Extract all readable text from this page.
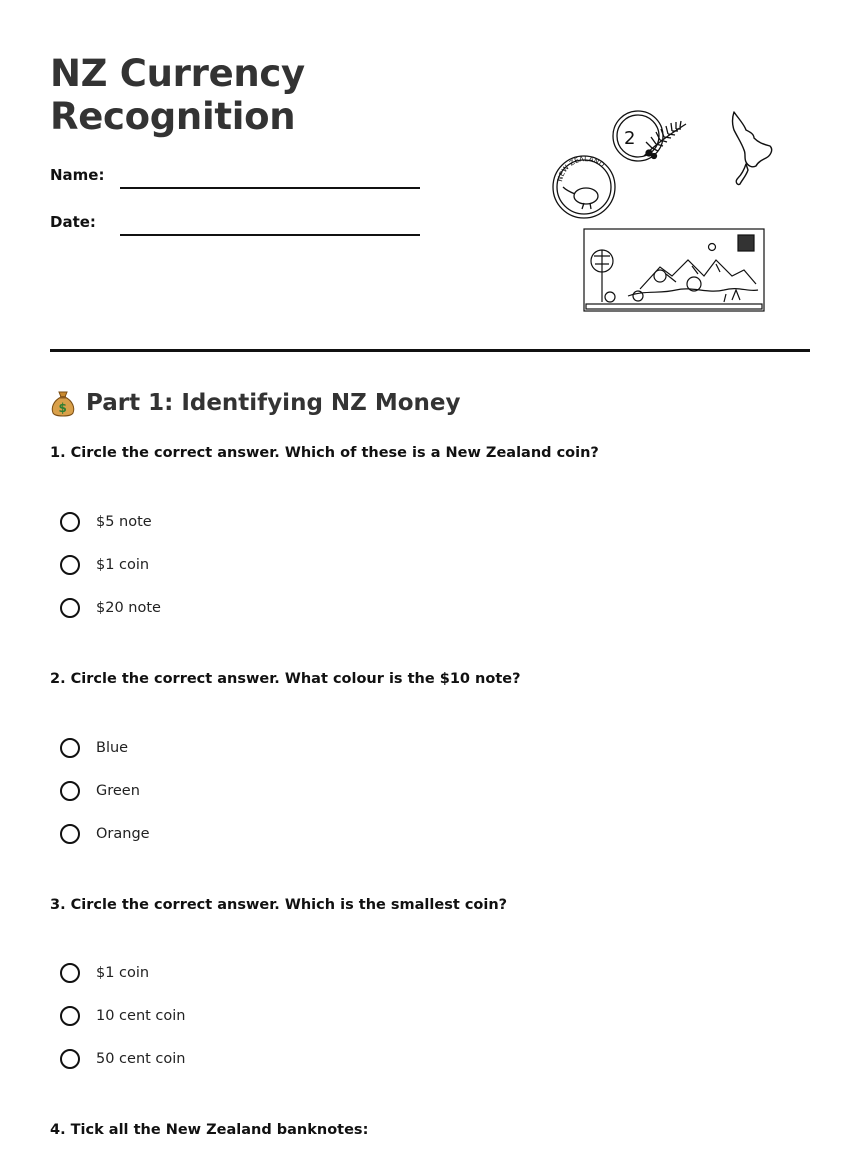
NZ Currency
Recognition
Name:
Date:
2
NEW ZEALAND
$ Part 1: Identifying NZ Money

1. Circle the correct answer. Which of these is a New Zealand coin?

$5 note
$1 coin
$20 note

2. Circle the correct answer. What colour is the $10 note?

Blue
Green
Orange

3. Circle the correct answer. Which is the smallest coin?

$1 coin
10 cent coin
50 cent coin

4. Tick all the New Zealand banknotes:
